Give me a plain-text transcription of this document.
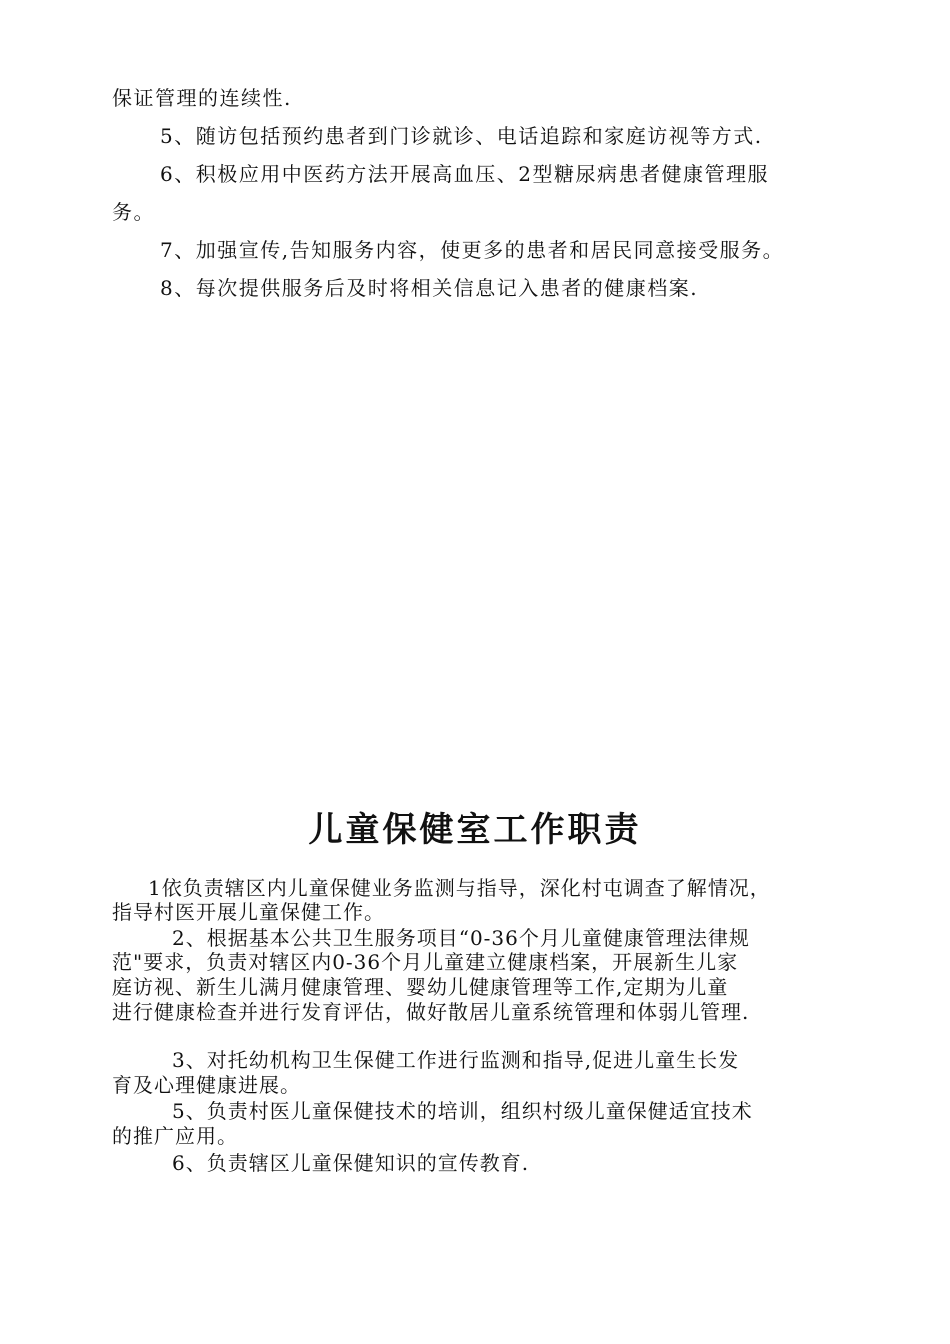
保证管理的连续性.
5、随访包括预约患者到门诊就诊、电话追踪和家庭访视等方式.
6、积极应用中医药方法开展高血压、2型糖尿病患者健康管理服
务。
7、加强宣传,告知服务内容，使更多的患者和居民同意接受服务。
8、每次提供服务后及时将相关信息记入患者的健康档案.
儿童保健室工作职责
1依负责辖区内儿童保健业务监测与指导，深化村屯调查了解情况，
指导村医开展儿童保健工作。
2、根据基本公共卫生服务项目“0-36个月儿童健康管理法律规
范"要求，负责对辖区内0-36个月儿童建立健康档案，开展新生儿家
庭访视、新生儿满月健康管理、婴幼儿健康管理等工作,定期为儿童
进行健康检查并进行发育评估，做好散居儿童系统管理和体弱儿管理.
3、对托幼机构卫生保健工作进行监测和指导,促进儿童生长发
育及心理健康进展。
5、负责村医儿童保健技术的培训，组织村级儿童保健适宜技术
的推广应用。
6、负责辖区儿童保健知识的宣传教育.
